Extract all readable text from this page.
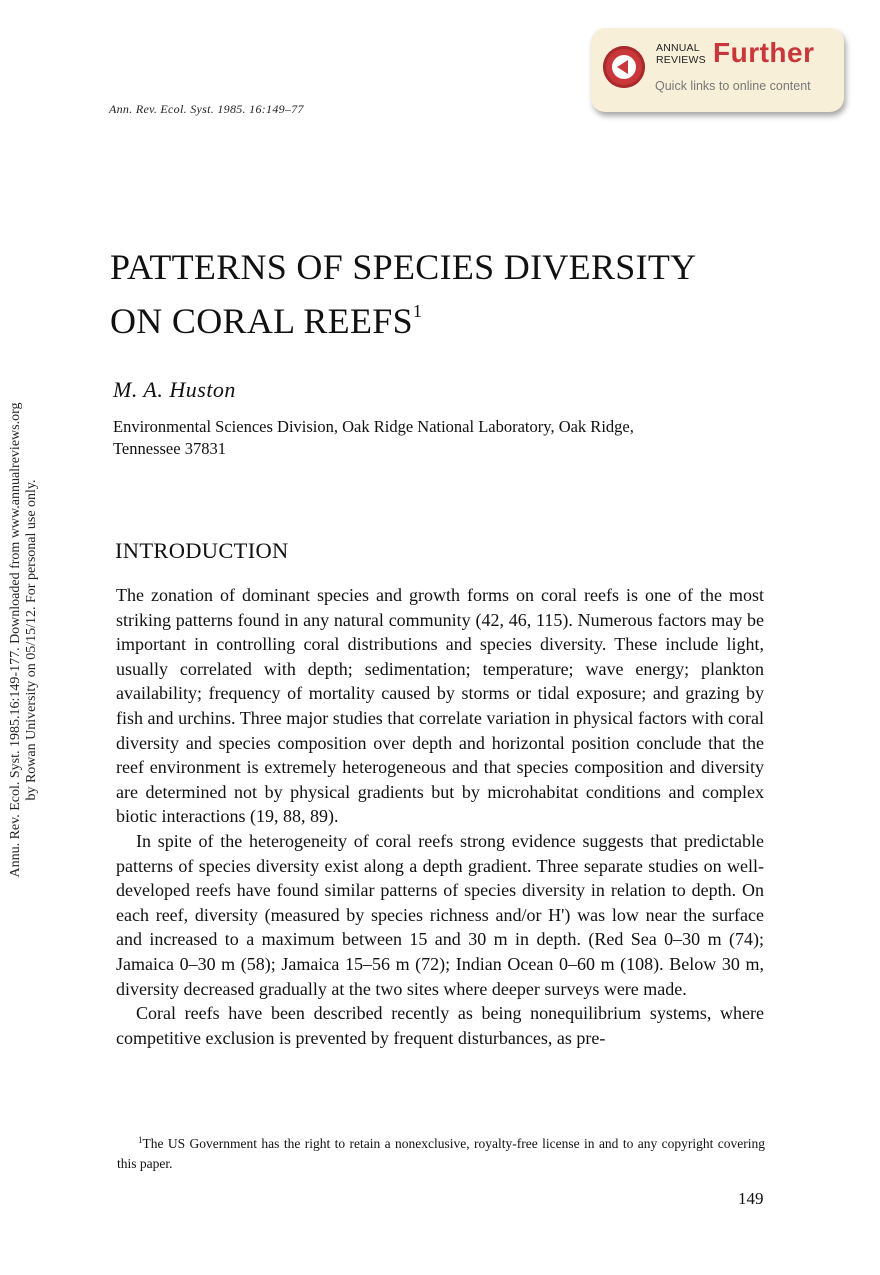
Ann. Rev. Ecol. Syst. 1985. 16:149–77
ANNUAL
REVIEWS Further
Quick links to online content
Annu. Rev. Ecol. Syst. 1985.16:149-177. Downloaded from www.annualreviews.org by Rowan University on 05/15/12. For personal use only.
PATTERNS OF SPECIES DIVERSITY
ON CORAL REEFS$^1$
M. A. Huston
Environmental Sciences Division, Oak Ridge National Laboratory, Oak Ridge,
Tennessee 37831
INTRODUCTION

The zonation of dominant species and growth forms on coral reefs is one of the most striking patterns found in any natural community (42, 46, 115). Numerous factors may be important in controlling coral distributions and species diversity. These include light, usually correlated with depth; sedimentation; temperature; wave energy; plankton availability; frequency of mortality caused by storms or tidal exposure; and grazing by fish and urchins. Three major studies that correlate variation in physical factors with coral diversity and species composition over depth and horizontal position conclude that the reef environment is extremely heterogeneous and that species composition and diversity are determined not by physical gradients but by microhabitat conditions and complex biotic interactions (19, 88, 89).

In spite of the heterogeneity of coral reefs strong evidence suggests that predictable patterns of species diversity exist along a depth gradient. Three separate studies on well-developed reefs have found similar patterns of species diversity in relation to depth. On each reef, diversity (measured by species richness and/or H') was low near the surface and increased to a maximum between 15 and 30 m in depth. (Red Sea 0–30 m (74); Jamaica 0–30 m (58); Jamaica 15–56 m (72); Indian Ocean 0–60 m (108). Below 30 m, diversity decreased gradually at the two sites where deeper surveys were made.

Coral reefs have been described recently as being nonequilibrium systems, where competitive exclusion is prevented by frequent disturbances, as pre-

$^1$The US Government has the right to retain a nonexclusive, royalty-free license in and to any copyright covering this paper.
149
